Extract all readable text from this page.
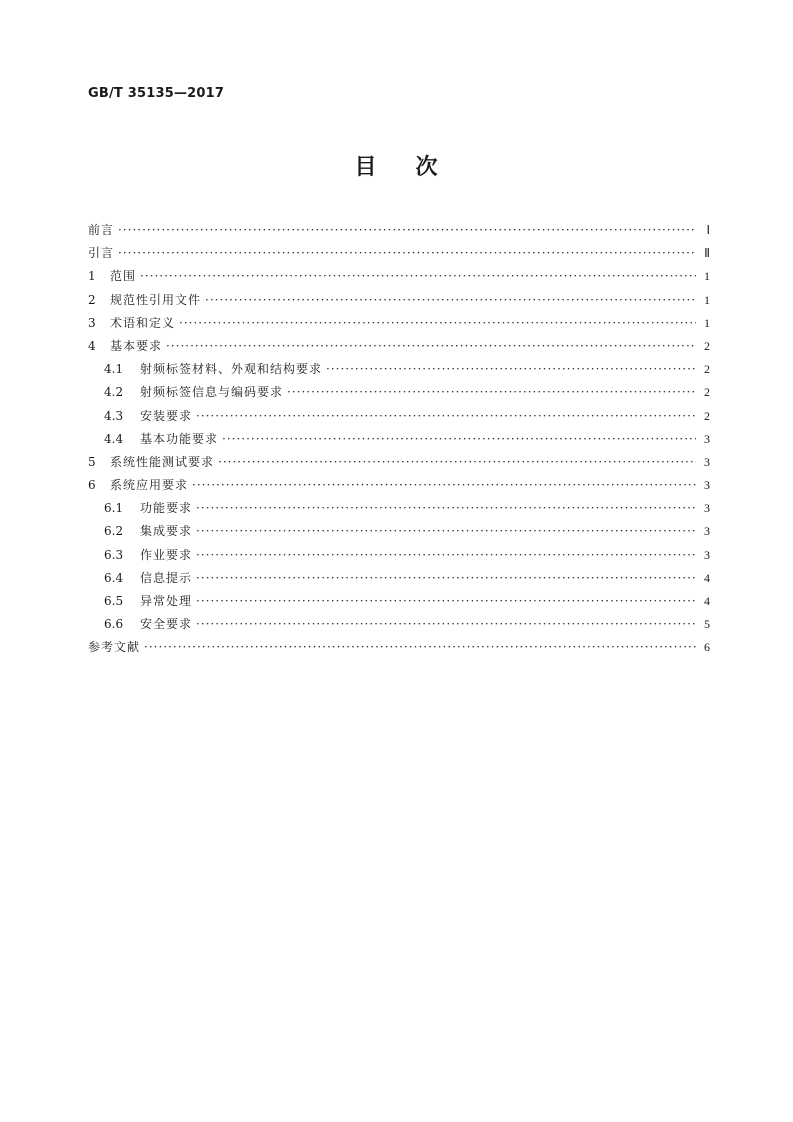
GB/T 35135—2017
目 次
前言 ·····	Ⅰ
引言 ·····	Ⅱ
1	范围 ·····	1
2	规范性引用文件 ·····	1
3	术语和定义 ·····	1
4	基本要求 ·····	2
4.1	射频标签材料、外观和结构要求 ·····	2
4.2	射频标签信息与编码要求 ·····	2
4.3	安装要求 ·····	2
4.4	基本功能要求 ·····	3
5	系统性能测试要求 ·····	3
6	系统应用要求 ·····	3
6.1	功能要求 ·····	3
6.2	集成要求 ·····	3
6.3	作业要求 ·····	3
6.4	信息提示 ·····	4
6.5	异常处理 ·····	4
6.6	安全要求 ·····	5
参考文献 ·····	6
